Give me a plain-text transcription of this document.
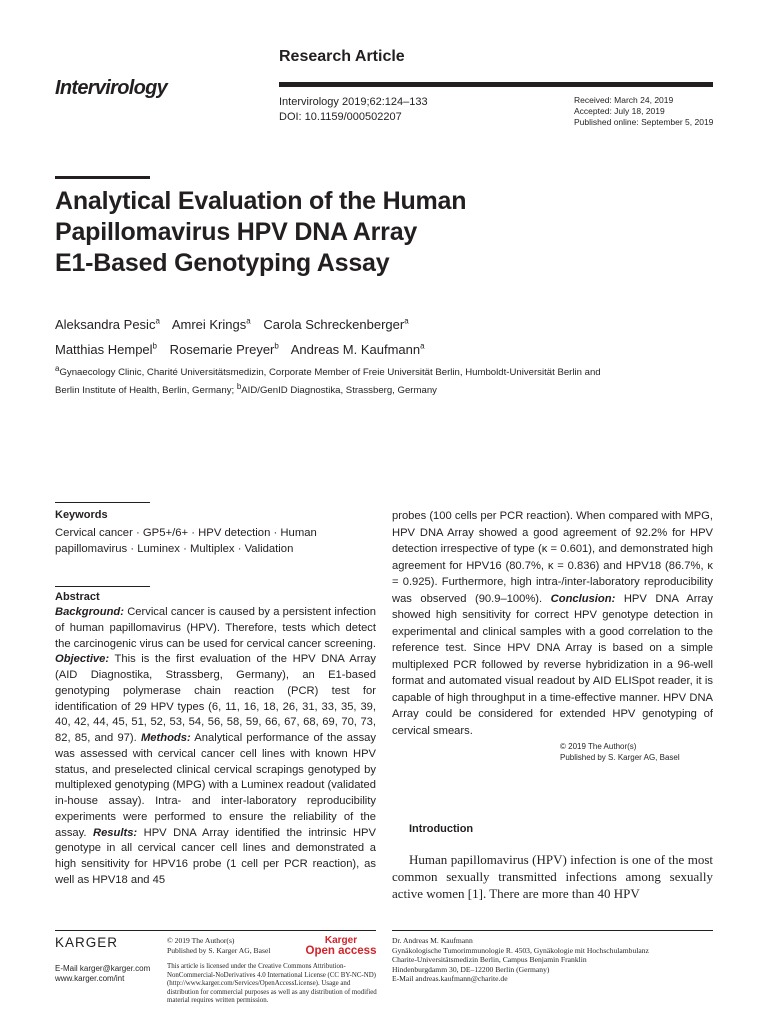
Intervirology
Research Article
Intervirology 2019;62:124–133
DOI: 10.1159/000502207
Received: March 24, 2019
Accepted: July 18, 2019
Published online: September 5, 2019
Analytical Evaluation of the Human
Papillomavirus HPV DNA Array
E1-Based Genotyping Assay
Aleksandra Pesic$^a$ Amrei Krings$^a$ Carola Schreckenberger$^a$
Matthias Hempel$^b$ Rosemarie Preyer$^b$ Andreas M. Kaufmann$^a$
$^a$Gynaecology Clinic, Charité Universitätsmedizin, Corporate Member of Freie Universität Berlin, Humboldt-Universität Berlin and Berlin Institute of Health, Berlin, Germany; $^b$AID/GenID Diagnostika, Strassberg, Germany
Keywords
Cervical cancer · GP5+/6+ · HPV detection · Human papillomavirus · Luminex · Multiplex · Validation
Abstract
Background: Cervical cancer is caused by a persistent infection of human papillomavirus (HPV). Therefore, tests which detect the carcinogenic virus can be used for cervical cancer screening. Objective: This is the first evaluation of the HPV DNA Array (AID Diagnostika, Strassberg, Germany), an E1-based genotyping polymerase chain reaction (PCR) test for identification of 29 HPV types (6, 11, 16, 18, 26, 31, 33, 35, 39, 40, 42, 44, 45, 51, 52, 53, 54, 56, 58, 59, 66, 67, 68, 69, 70, 73, 82, 85, and 97). Methods: Analytical performance of the assay was assessed with cervical cancer cell lines with known HPV status, and preselected clinical cervical scrapings genotyped by multiplexed genotyping (MPG) with a Luminex readout (validated in-house assay). Intra- and inter-laboratory reproducibility experiments were performed to ensure the reliability of the assay. Results: HPV DNA Array identified the intrinsic HPV genotype in all cervical cancer cell lines and demonstrated a high sensitivity for HPV16 probe (1 cell per PCR reaction), as well as HPV18 and 45
probes (100 cells per PCR reaction). When compared with MPG, HPV DNA Array showed a good agreement of 92.2% for HPV detection irrespective of type (κ = 0.601), and demonstrated high agreement for HPV16 (80.7%, κ = 0.836) and HPV18 (86.7%, κ = 0.925). Furthermore, high intra-/inter-laboratory reproducibility was observed (90.9–100%). Conclusion: HPV DNA Array showed high sensitivity for correct HPV genotype detection in experimental and clinical samples with a good correlation to the reference test. Since HPV DNA Array is based on a simple multiplexed PCR followed by reverse hybridization in a 96-well format and automated visual readout by AID ELISpot reader, it is capable of high throughput in a time-effective manner. HPV DNA Array could be considered for extended HPV genotyping of cervical smears.
© 2019 The Author(s)
Published by S. Karger AG, Basel
Introduction
Human papillomavirus (HPV) infection is one of the most common sexually transmitted infections among sexually active women [1]. There are more than 40 HPV
KARGER
E-Mail karger@karger.com
www.karger.com/int
© 2019 The Author(s)
Published by S. Karger AG, Basel
Karger
Open access
This article is licensed under the Creative Commons Attribution-NonCommercial-NoDerivatives 4.0 International License (CC BY-NC-ND) (http://www.karger.com/Services/OpenAccessLicense). Usage and distribution for commercial purposes as well as any distribution of modified material requires written permission.
Dr. Andreas M. Kaufmann
Gynäkologische Tumorimmunologie R. 4503, Gynäkologie mit Hochschulambulanz
Charite-Universitätsmedizin Berlin, Campus Benjamin Franklin
Hindenburgdamm 30, DE–12200 Berlin (Germany)
E-Mail andreas.kaufmann@charite.de
